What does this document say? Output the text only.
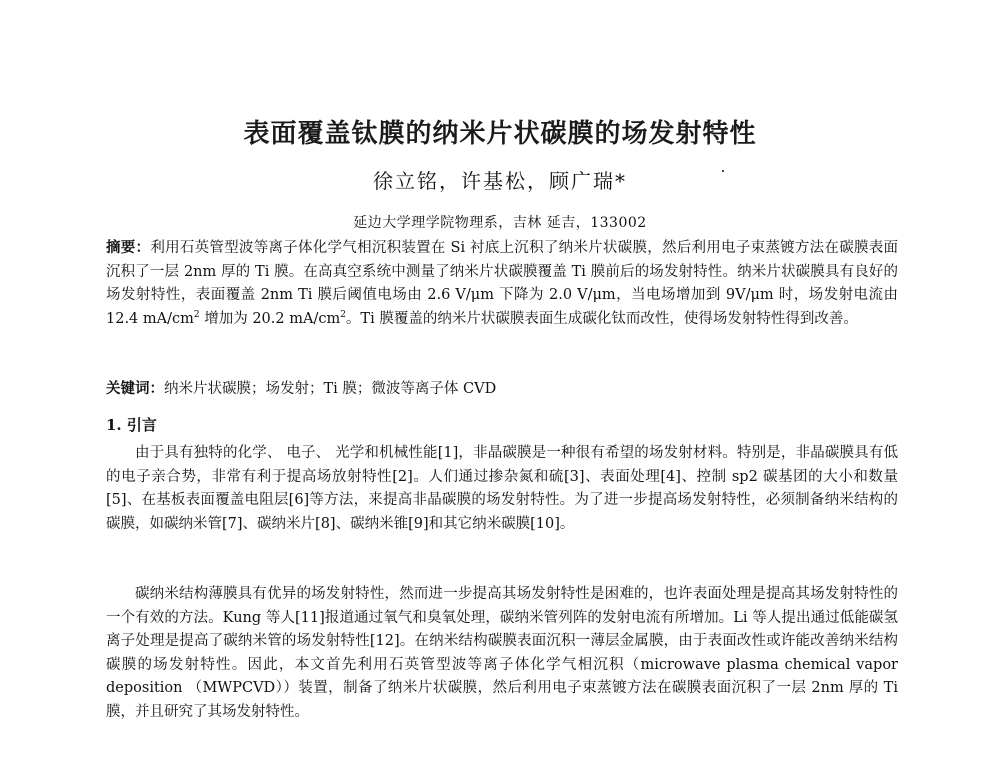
表面覆盖钛膜的纳米片状碳膜的场发射特性
徐立铭，许基松，顾广瑞*
延边大学理学院物理系，吉林 延吉，133002
摘要：利用石英管型波等离子体化学气相沉积装置在 Si 衬底上沉积了纳米片状碳膜，然后利用电子束蒸镀方法在碳膜表面沉积了一层 2nm 厚的 Ti 膜。在高真空系统中测量了纳米片状碳膜覆盖 Ti 膜前后的场发射特性。纳米片状碳膜具有良好的场发射特性，表面覆盖 2nm Ti 膜后阈值电场由 2.6 V/μm 下降为 2.0 V/μm，当电场增加到 9V/μm 时，场发射电流由 12.4 $mA/cm^2$ 增加为 20.2 $mA/cm^2$。Ti 膜覆盖的纳米片状碳膜表面生成碳化钛而改性，使得场发射特性得到改善。
关键词：纳米片状碳膜；场发射；Ti 膜；微波等离子体 CVD
1. 引言
由于具有独特的化学、 电子、 光学和机械性能[1]，非晶碳膜是一种很有希望的场发射材料。特别是，非晶碳膜具有低的电子亲合势，非常有利于提高场放射特性[2]。人们通过掺杂氮和硫[3]、表面处理[4]、控制 sp2 碳基团的大小和数量[5]、在基板表面覆盖电阻层[6]等方法，来提高非晶碳膜的场发射特性。为了进一步提高场发射特性，必须制备纳米结构的碳膜，如碳纳米管[7]、碳纳米片[8]、碳纳米锥[9]和其它纳米碳膜[10]。
碳纳米结构薄膜具有优异的场发射特性，然而进一步提高其场发射特性是困难的，也许表面处理是提高其场发射特性的一个有效的方法。Kung 等人[11]报道通过氧气和臭氧处理，碳纳米管列阵的发射电流有所增加。Li 等人提出通过低能碳氢离子处理是提高了碳纳米管的场发射特性[12]。在纳米结构碳膜表面沉积一薄层金属膜，由于表面改性或许能改善纳米结构碳膜的场发射特性。因此，本文首先利用石英管型波等离子体化学气相沉积（microwave plasma chemical vapor deposition （MWPCVD））装置，制备了纳米片状碳膜，然后利用电子束蒸镀方法在碳膜表面沉积了一层 2nm 厚的 Ti 膜，并且研究了其场发射特性。
